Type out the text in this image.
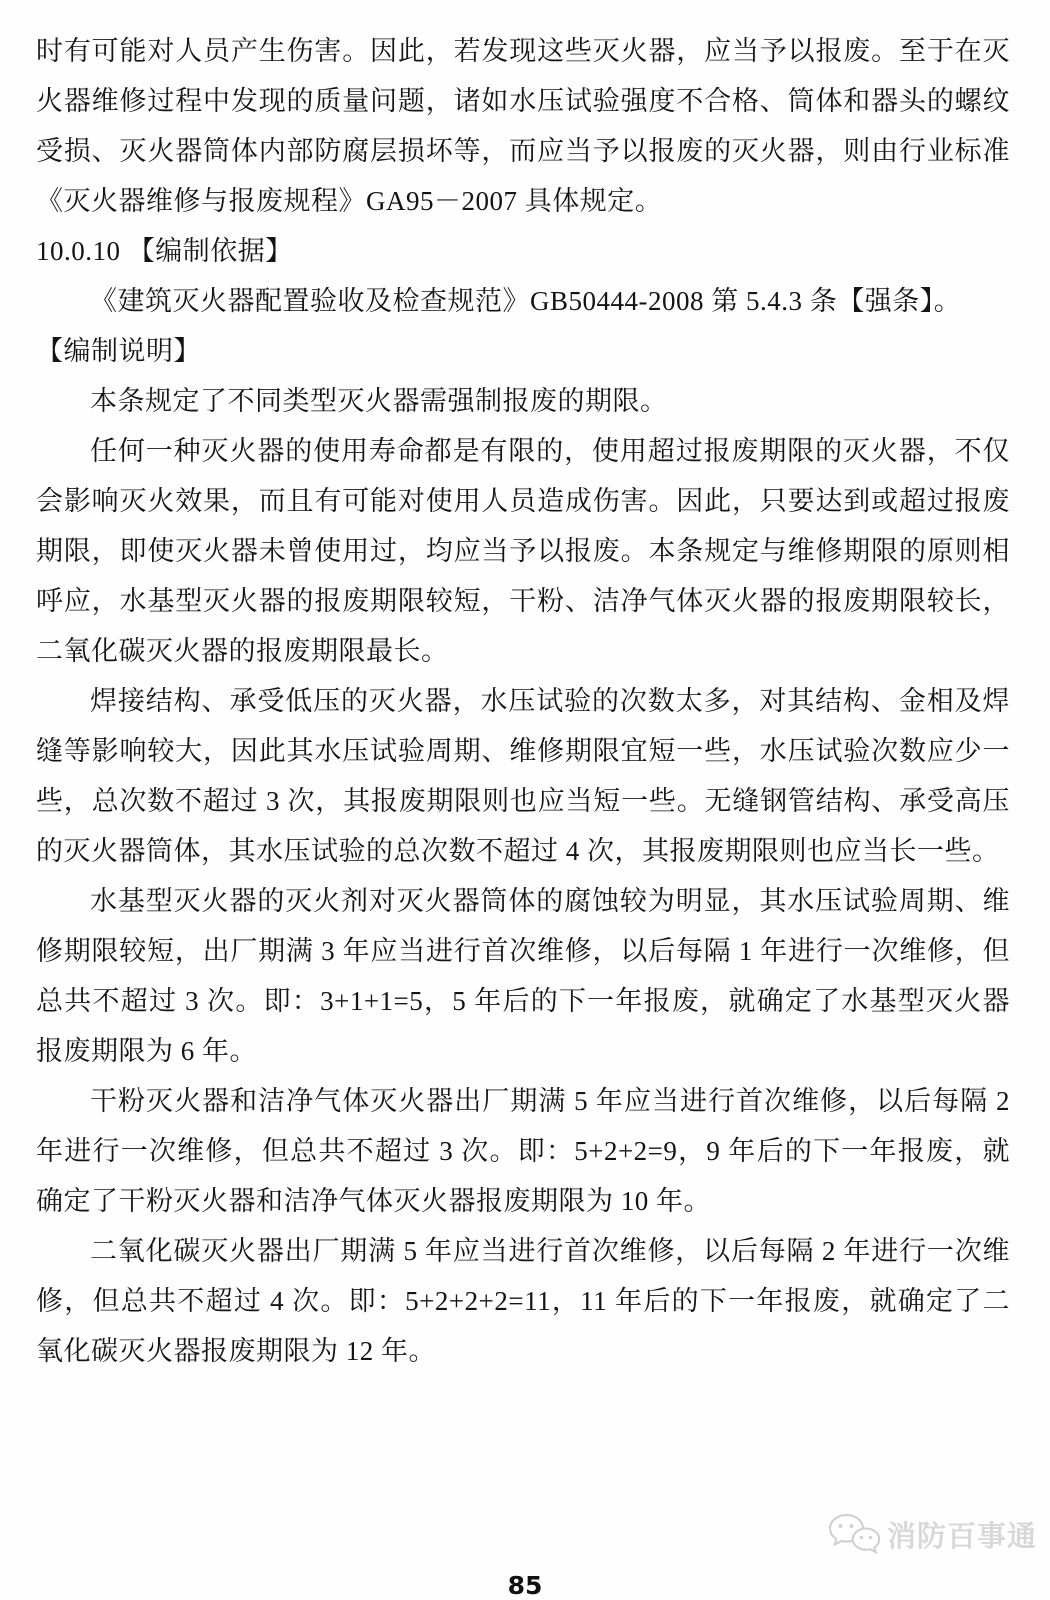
时有可能对人员产生伤害。因此，若发现这些灭火器，应当予以报废。至于在灭火器维修过程中发现的质量问题，诸如水压试验强度不合格、筒体和器头的螺纹受损、灭火器筒体内部防腐层损坏等，而应当予以报废的灭火器，则由行业标准《灭火器维修与报废规程》GA95－2007 具体规定。

10.0.10 【编制依据】

《建筑灭火器配置验收及检查规范》GB50444-2008 第 5.4.3 条【强条】。

【编制说明】

本条规定了不同类型灭火器需强制报废的期限。

任何一种灭火器的使用寿命都是有限的，使用超过报废期限的灭火器，不仅会影响灭火效果，而且有可能对使用人员造成伤害。因此，只要达到或超过报废期限，即使灭火器未曾使用过，均应当予以报废。本条规定与维修期限的原则相呼应，水基型灭火器的报废期限较短，干粉、洁净气体灭火器的报废期限较长，二氧化碳灭火器的报废期限最长。

焊接结构、承受低压的灭火器，水压试验的次数太多，对其结构、金相及焊缝等影响较大，因此其水压试验周期、维修期限宜短一些，水压试验次数应少一些，总次数不超过 3 次，其报废期限则也应当短一些。无缝钢管结构、承受高压的灭火器筒体，其水压试验的总次数不超过 4 次，其报废期限则也应当长一些。

水基型灭火器的灭火剂对灭火器筒体的腐蚀较为明显，其水压试验周期、维修期限较短，出厂期满 3 年应当进行首次维修，以后每隔 1 年进行一次维修，但总共不超过 3 次。即：3+1+1=5，5 年后的下一年报废，就确定了水基型灭火器报废期限为 6 年。

干粉灭火器和洁净气体灭火器出厂期满 5 年应当进行首次维修，以后每隔 2 年进行一次维修，但总共不超过 3 次。即：5+2+2=9，9 年后的下一年报废，就确定了干粉灭火器和洁净气体灭火器报废期限为 10 年。

二氧化碳灭火器出厂期满 5 年应当进行首次维修，以后每隔 2 年进行一次维修，但总共不超过 4 次。即：5+2+2+2=11，11 年后的下一年报废，就确定了二氧化碳灭火器报废期限为 12 年。

消防百事通
85
